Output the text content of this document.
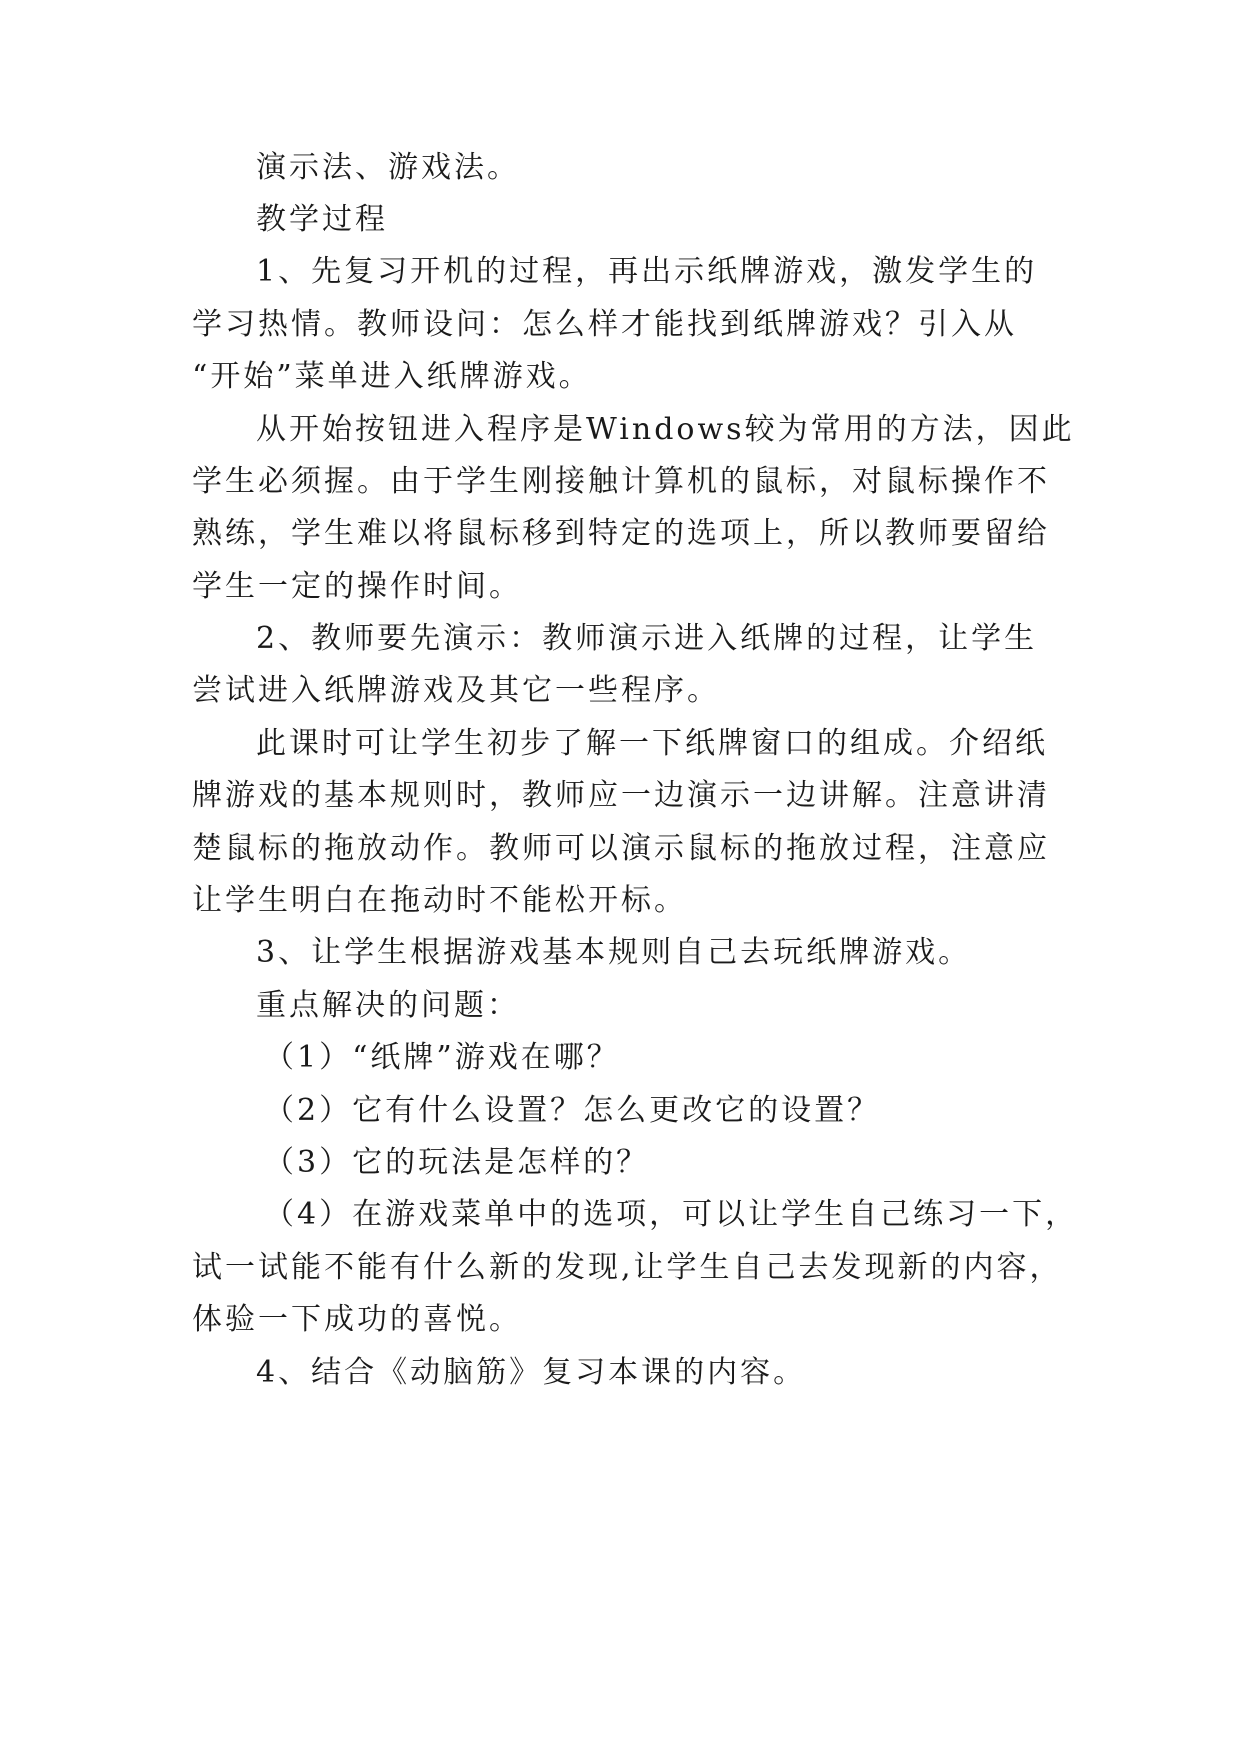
演示法、游戏法。
教学过程
1、先复习开机的过程，再出示纸牌游戏，激发学生的
学习热情。教师设问：怎么样才能找到纸牌游戏？引入从
“开始”菜单进入纸牌游戏。
从开始按钮进入程序是Windows较为常用的方法，因此
学生必须握。由于学生刚接触计算机的鼠标，对鼠标操作不
熟练，学生难以将鼠标移到特定的选项上，所以教师要留给
学生一定的操作时间。
2、教师要先演示：教师演示进入纸牌的过程，让学生
尝试进入纸牌游戏及其它一些程序。
此课时可让学生初步了解一下纸牌窗口的组成。介绍纸
牌游戏的基本规则时，教师应一边演示一边讲解。注意讲清
楚鼠标的拖放动作。教师可以演示鼠标的拖放过程，注意应
让学生明白在拖动时不能松开标。
3、让学生根据游戏基本规则自己去玩纸牌游戏。
重点解决的问题：
（1）“纸牌”游戏在哪？
（2）它有什么设置？怎么更改它的设置？
（3）它的玩法是怎样的？
（4）在游戏菜单中的选项，可以让学生自己练习一下，
试一试能不能有什么新的发现,让学生自己去发现新的内容，
体验一下成功的喜悦。
4、结合《动脑筋》复习本课的内容。
